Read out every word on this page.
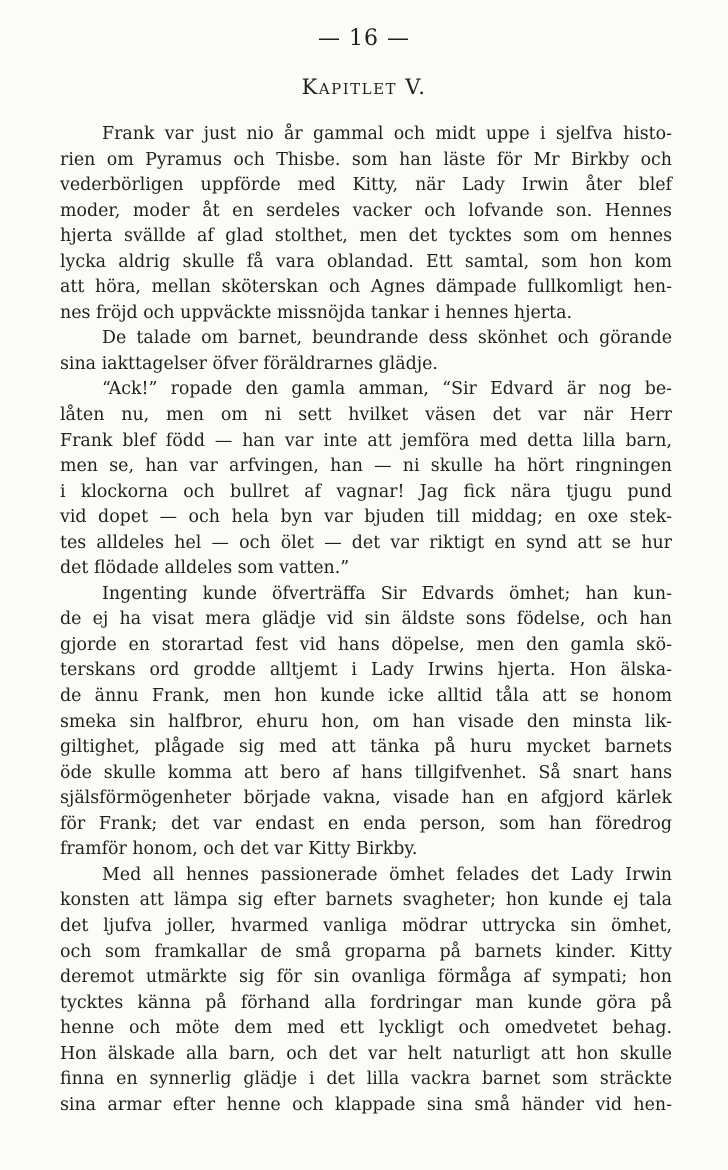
— 16 —
Kapitlet V.
Frank var just nio år gammal och midt uppe i sjelfva histo-
rien om Pyramus och Thisbe. som han läste för Mr Birkby och
vederbörligen uppförde med Kitty, när Lady Irwin åter blef
moder, moder åt en serdeles vacker och lofvande son. Hennes
hjerta svällde af glad stolthet, men det tycktes som om hennes
lycka aldrig skulle få vara oblandad. Ett samtal, som hon kom
att höra, mellan sköterskan och Agnes dämpade fullkomligt hen-
nes fröjd och uppväckte missnöjda tankar i hennes hjerta.
De talade om barnet, beundrande dess skönhet och görande
sina iakttagelser öfver föräldrarnes glädje.
“Ack!” ropade den gamla amman, “Sir Edvard är nog be-
låten nu, men om ni sett hvilket väsen det var när Herr
Frank blef född — han var inte att jemföra med detta lilla barn,
men se, han var arfvingen, han — ni skulle ha hört ringningen
i klockorna och bullret af vagnar! Jag fick nära tjugu pund
vid dopet — och hela byn var bjuden till middag; en oxe stek-
tes alldeles hel — och ölet — det var riktigt en synd att se hur
det flödade alldeles som vatten.”
Ingenting kunde öfverträffa Sir Edvards ömhet; han kun-
de ej ha visat mera glädje vid sin äldste sons födelse, och han
gjorde en storartad fest vid hans döpelse, men den gamla skö-
terskans ord grodde alltjemt i Lady Irwins hjerta. Hon älska-
de ännu Frank, men hon kunde icke alltid tåla att se honom
smeka sin halfbror, ehuru hon, om han visade den minsta lik-
giltighet, plågade sig med att tänka på huru mycket barnets
öde skulle komma att bero af hans tillgifvenhet. Så snart hans
själsförmögenheter började vakna, visade han en afgjord kärlek
för Frank; det var endast en enda person, som han föredrog
framför honom, och det var Kitty Birkby.
Med all hennes passionerade ömhet felades det Lady Irwin
konsten att lämpa sig efter barnets svagheter; hon kunde ej tala
det ljufva joller, hvarmed vanliga mödrar uttrycka sin ömhet,
och som framkallar de små groparna på barnets kinder. Kitty
deremot utmärkte sig för sin ovanliga förmåga af sympati; hon
tycktes känna på förhand alla fordringar man kunde göra på
henne och möte dem med ett lyckligt och omedvetet behag.
Hon älskade alla barn, och det var helt naturligt att hon skulle
finna en synnerlig glädje i det lilla vackra barnet som sträckte
sina armar efter henne och klappade sina små händer vid hen-
